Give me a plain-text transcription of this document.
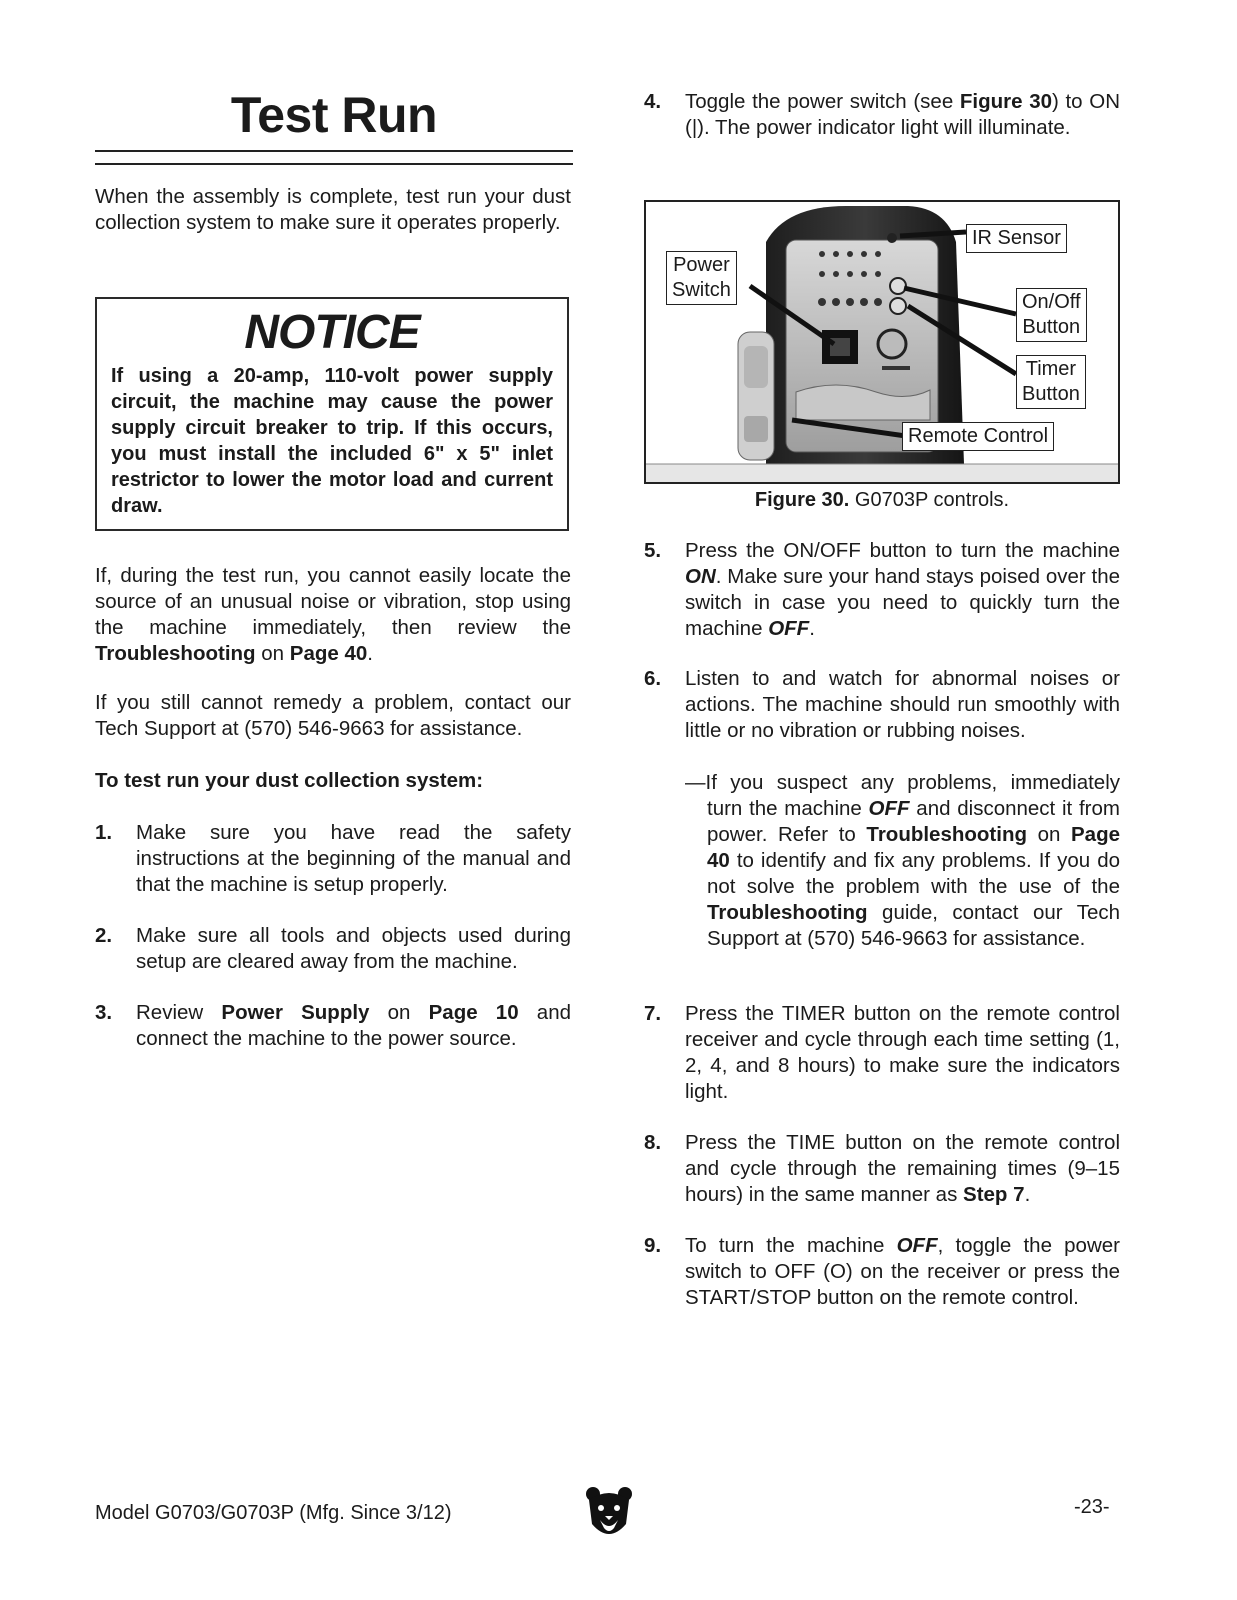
Test Run

When the assembly is complete, test run your dust collection system to make sure it operates properly.

NOTICE

If using a 20-amp, 110-volt power supply circuit, the machine may cause the power supply circuit breaker to trip. If this occurs, you must install the included 6" x 5" inlet restrictor to lower the motor load and current draw.

If, during the test run, you cannot easily locate the source of an unusual noise or vibration, stop using the machine immediately, then review the Troubleshooting on Page 40.

If you still cannot remedy a problem, contact our Tech Support at (570) 546-9663 for assistance.

To test run your dust collection system:

1. Make sure you have read the safety instructions at the beginning of the manual and that the machine is setup properly.
2. Make sure all tools and objects used during setup are cleared away from the machine.
3. Review Power Supply on Page 10 and connect the machine to the power source.
4. Toggle the power switch (see Figure 30) to ON (|). The power indicator light will illuminate.
IR Sensor
Power
Switch
On/Off
Button
Timer
Button
Remote Control
Figure 30. G0703P controls.
5. Press the ON/OFF button to turn the machine ON. Make sure your hand stays poised over the switch in case you need to quickly turn the machine OFF.
6. Listen to and watch for abnormal noises or actions. The machine should run smoothly with little or no vibration or rubbing noises.
—If you suspect any problems, immediately turn the machine OFF and disconnect it from power. Refer to Troubleshooting on Page 40 to identify and fix any problems. If you do not solve the problem with the use of the Troubleshooting guide, contact our Tech Support at (570) 546-9663 for assistance.
7. Press the TIMER button on the remote control receiver and cycle through each time setting (1, 2, 4, and 8 hours) to make sure the indicators light.
8. Press the TIME button on the remote control and cycle through the remaining times (9–15 hours) in the same manner as Step 7.
9. To turn the machine OFF, toggle the power switch to OFF (O) on the receiver or press the START/STOP button on the remote control.
Model G0703/G0703P (Mfg. Since 3/12)	-23-
